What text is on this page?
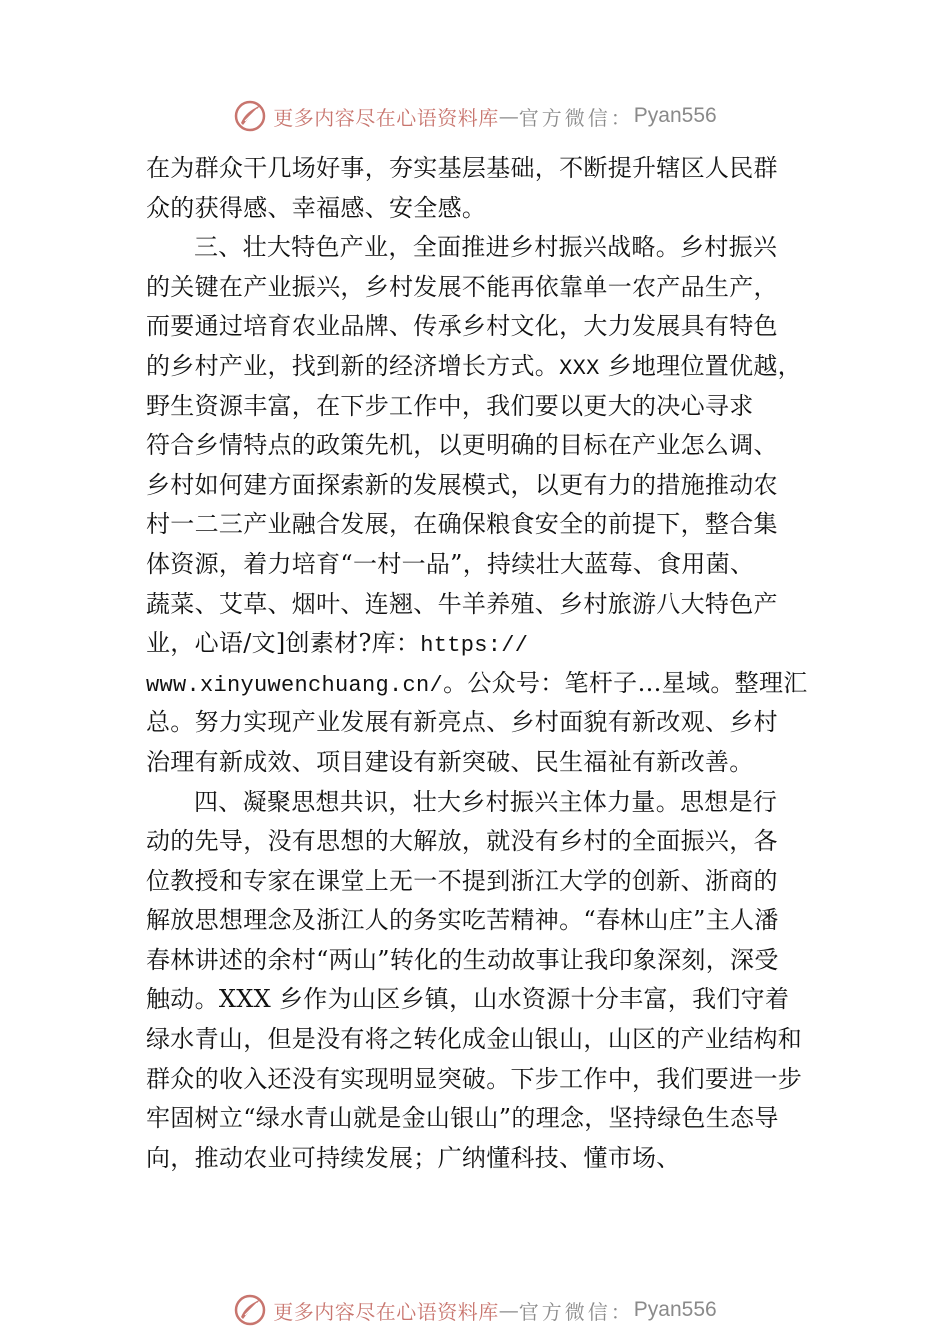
更多内容尽在心语资料库 — 官方微信： Pyan556
在为群众干几场好事，夯实基层基础，不断提升辖区人民群
众的获得感、幸福感、安全感。
三、壮大特色产业，全面推进乡村振兴战略。乡村振兴
的关键在产业振兴，乡村发展不能再依靠单一农产品生产，
而要通过培育农业品牌、传承乡村文化，大力发展具有特色
的乡村产业，找到新的经济增长方式。XXX 乡地理位置优越，
野生资源丰富，在下步工作中，我们要以更大的决心寻求
符合乡情特点的政策先机，以更明确的目标在产业怎么调、
乡村如何建方面探索新的发展模式，以更有力的措施推动农
村一二三产业融合发展，在确保粮食安全的前提下，整合集
体资源，着力培育“一村一品”，持续壮大蓝莓、食用菌、
蔬菜、艾草、烟叶、连翘、牛羊养殖、乡村旅游八大特色产
业，心语/文]创素材?库：https://
www.xinyuwenchuang.cn/。公众号：笔杆子…星域。整理汇
总。努力实现产业发展有新亮点、乡村面貌有新改观、乡村
治理有新成效、项目建设有新突破、民生福祉有新改善。
四、凝聚思想共识，壮大乡村振兴主体力量。思想是行
动的先导，没有思想的大解放，就没有乡村的全面振兴，各
位教授和专家在课堂上无一不提到浙江大学的创新、浙商的
解放思想理念及浙江人的务实吃苦精神。“春林山庄”主人潘
春林讲述的余村“两山”转化的生动故事让我印象深刻，深受
触动。XXX 乡作为山区乡镇，山水资源十分丰富，我们守着
绿水青山，但是没有将之转化成金山银山，山区的产业结构和
群众的收入还没有实现明显突破。下步工作中，我们要进一步
牢固树立“绿水青山就是金山银山”的理念，坚持绿色生态导
向，推动农业可持续发展；广纳懂科技、懂市场、
更多内容尽在心语资料库 — 官方微信： Pyan556
